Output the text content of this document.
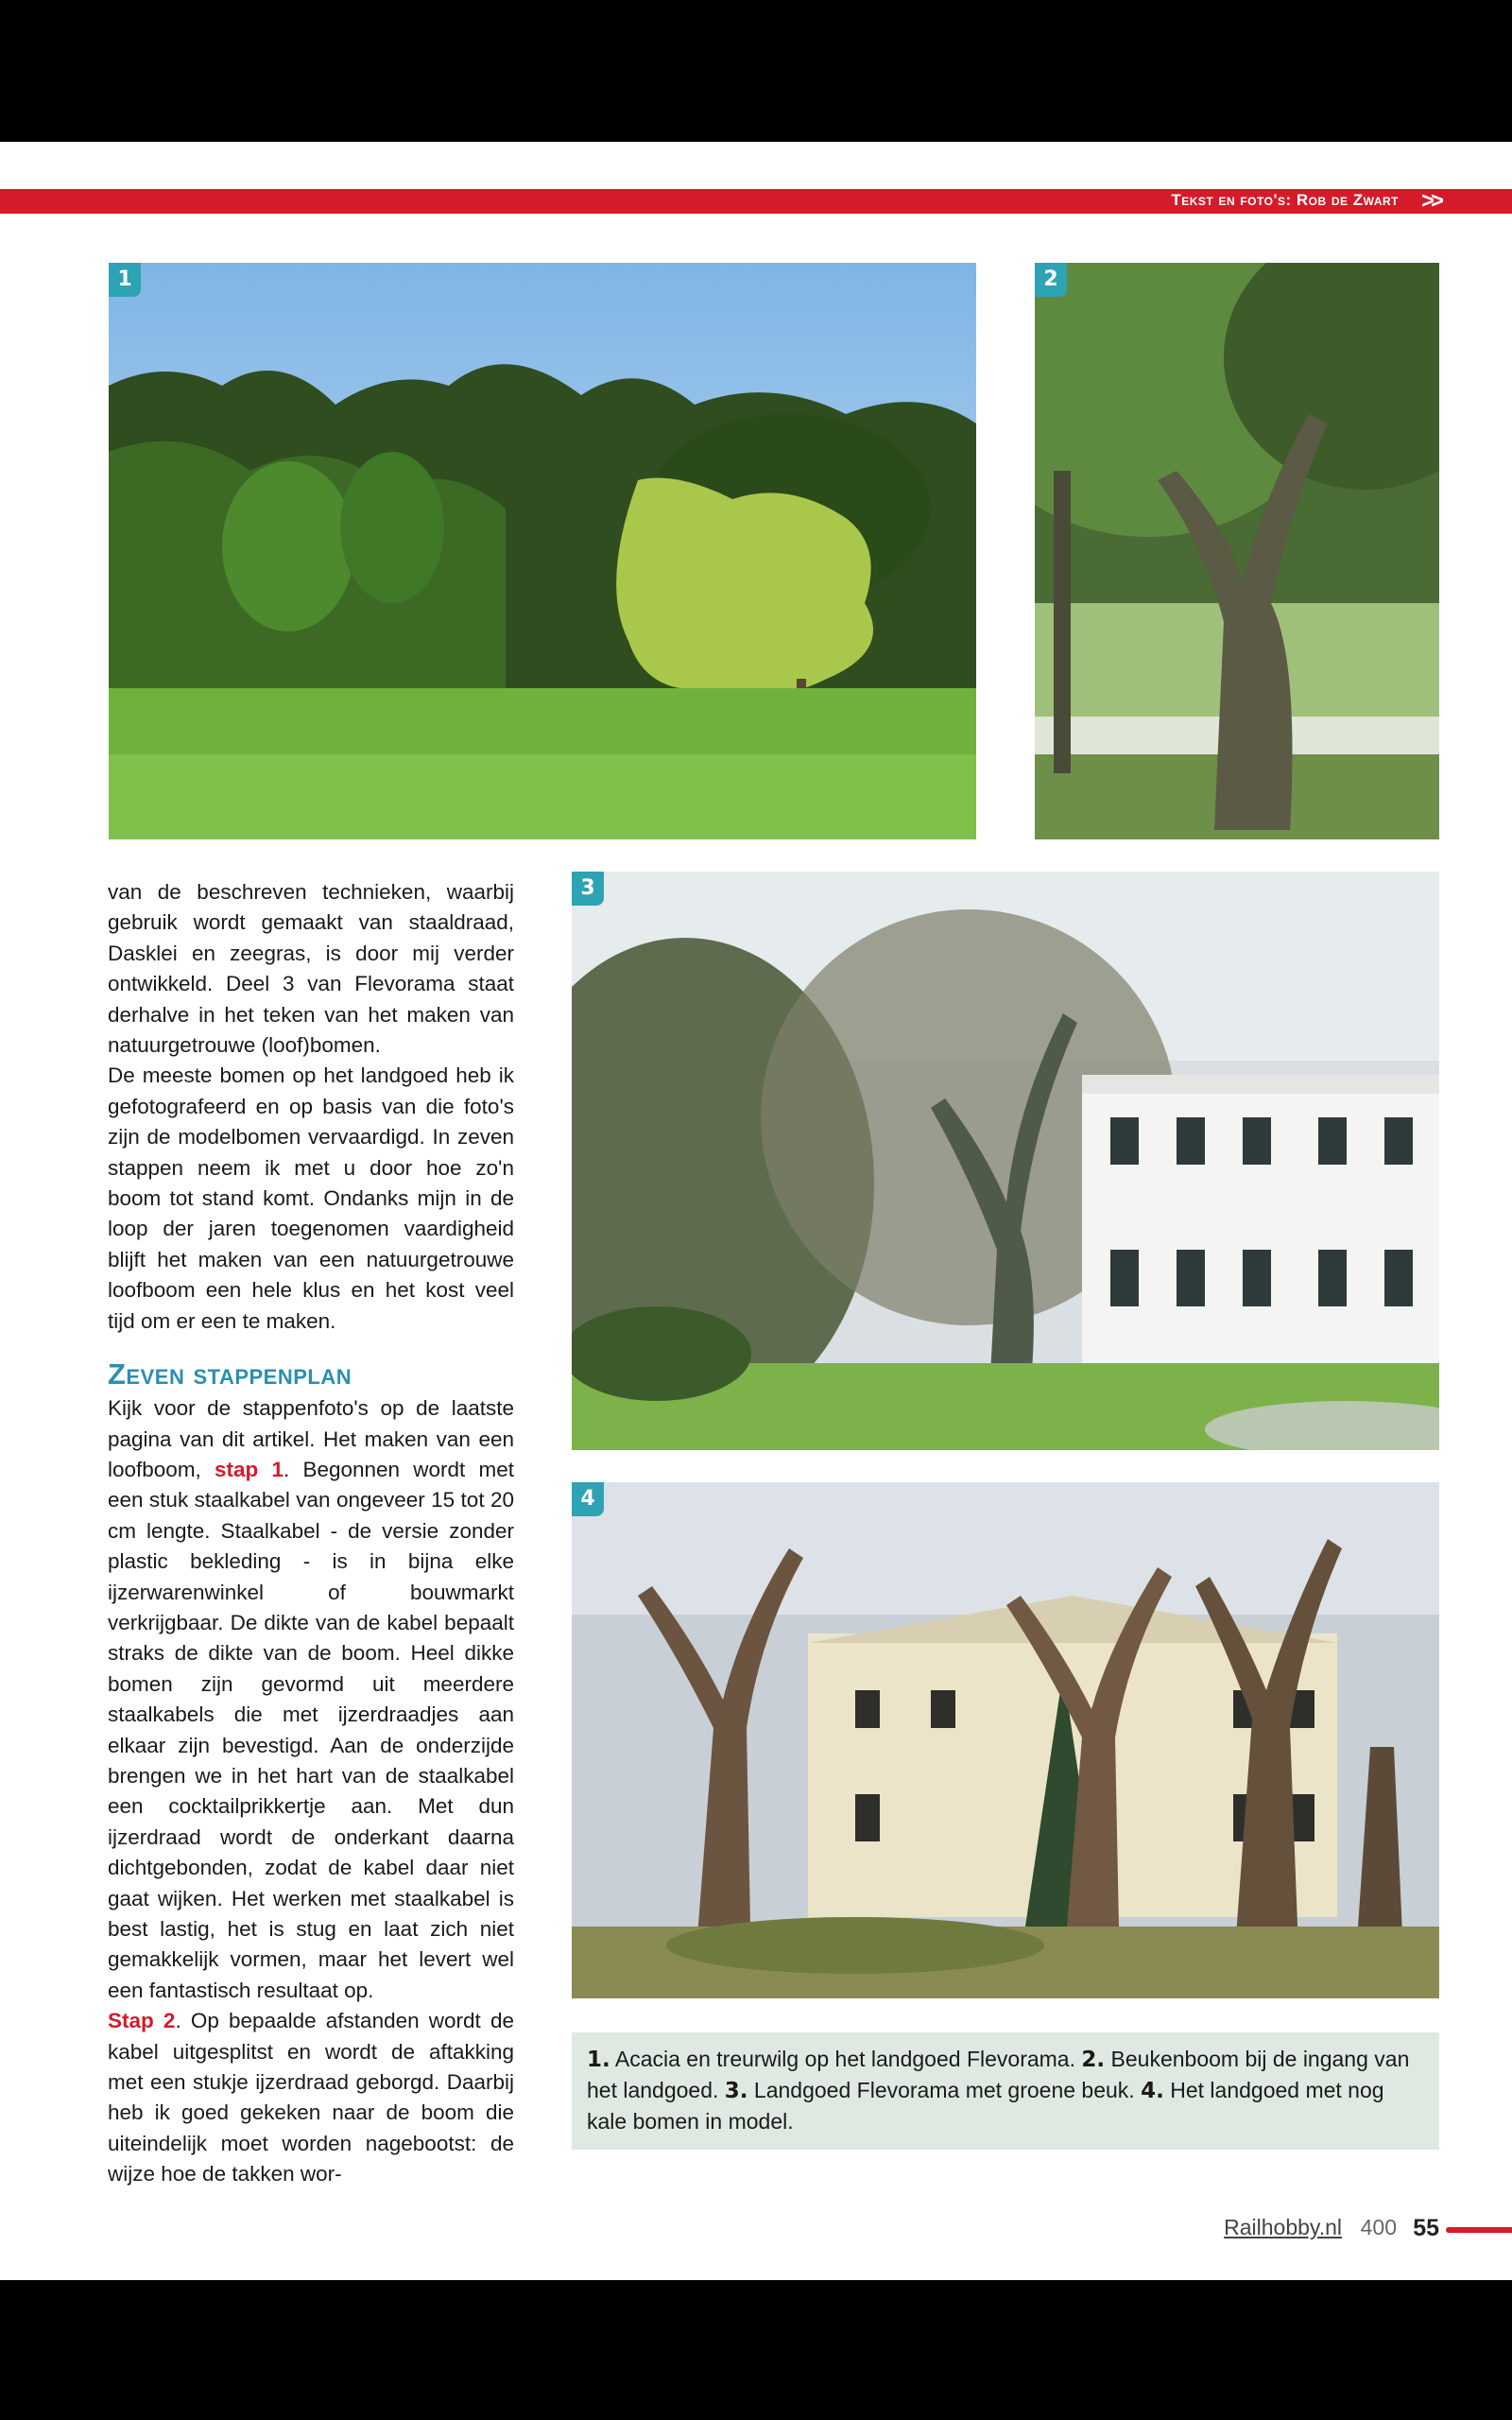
Tekst en foto's: Rob de Zwart >>
1	2
3
4

van de beschreven technieken, waarbij gebruik wordt gemaakt van staaldraad, Dasklei en zeegras, is door mij verder ontwikkeld. Deel 3 van Flevorama staat derhalve in het teken van het maken van natuurgetrouwe (loof)bomen.

De meeste bomen op het landgoed heb ik gefotografeerd en op basis van die foto's zijn de modelbomen vervaardigd. In zeven stappen neem ik met u door hoe zo'n boom tot stand komt. Ondanks mijn in de loop der jaren toegenomen vaardigheid blijft het maken van een natuurgetrouwe loofboom een hele klus en het kost veel tijd om er een te maken.

Zeven stappenplan

Kijk voor de stappenfoto's op de laatste pagina van dit artikel. Het maken van een loofboom, stap 1. Begonnen wordt met een stuk staalkabel van ongeveer 15 tot 20 cm lengte. Staalkabel - de versie zonder plastic bekleding - is in bijna elke ijzerwarenwinkel of bouwmarkt verkrijgbaar. De dikte van de kabel bepaalt straks de dikte van de boom. Heel dikke bomen zijn gevormd uit meerdere staalkabels die met ijzerdraadjes aan elkaar zijn bevestigd. Aan de onderzijde brengen we in het hart van de staalkabel een cocktailprikkertje aan. Met dun ijzerdraad wordt de onderkant daarna dichtgebonden, zodat de kabel daar niet gaat wijken. Het werken met staalkabel is best lastig, het is stug en laat zich niet gemakkelijk vormen, maar het levert wel een fantastisch resultaat op.

Stap 2. Op bepaalde afstanden wordt de kabel uitgesplitst en wordt de aftakking met een stukje ijzerdraad geborgd. Daarbij heb ik goed gekeken naar de boom die uiteindelijk moet worden nagebootst: de wijze hoe de takken wor-

1. Acacia en treurwilg op het landgoed Flevorama. 2. Beukenboom bij de ingang van het landgoed. 3. Landgoed Flevorama met groene beuk. 4. Het landgoed met nog kale bomen in model.
Railhobby.nl 400 55
